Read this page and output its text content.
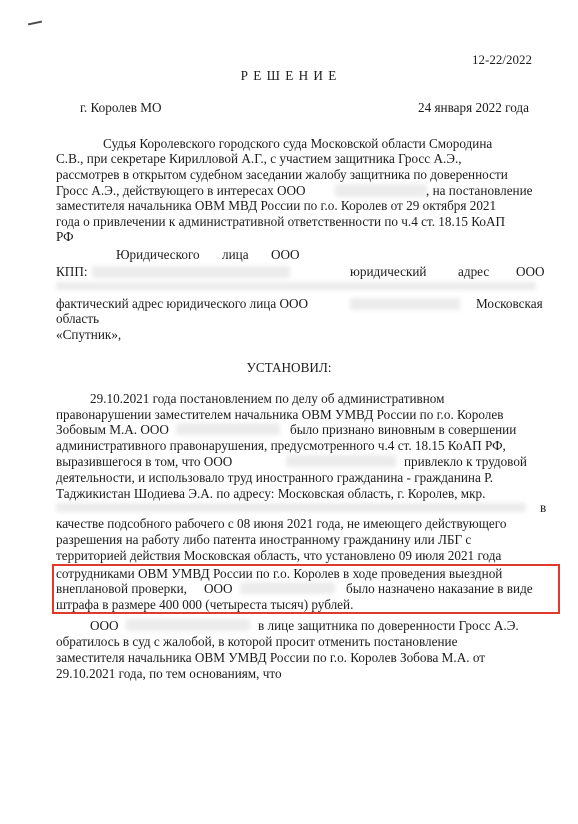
12-22/2022
Р Е Ш Е Н И Е
г. Королев МО	24 января 2022 года
Судья Королевского городского суда Московской области Смородина
С.В., при секретаре Кирилловой А.Г., с участием защитника Гросс А.Э.,
рассмотрев в открытом судебном заседании жалобу защитника по доверенности
Гросс А.Э., действующего в интересах ООО	, на постановление
заместителя начальника ОВМ МВД России по г.о. Королев от 29 октября 2021
года о привлечении к административной ответственности по ч.4 ст. 18.15 КоАП
РФ
Юридического лица ООО
КПП:	юридический адрес ООО
фактический адрес юридического лица ООО	Московская
область
«Спутник»,
УСТАНОВИЛ:
29.10.2021 года постановлением по делу об административном
правонарушении заместителем начальника ОВМ УМВД России по г.о. Королев
Зобовым М.А. ООО	было признано виновным в совершении
административного правонарушения, предусмотренного ч.4 ст. 18.15 КоАП РФ,
выразившегося в том, что ООО	привлекло к трудовой
деятельности, и использовало труд иностранного гражданина - гражданина Р.
Таджикистан Шодиева Э.А. по адресу: Московская область, г. Королев, мкр.
в
качестве подсобного рабочего с 08 июня 2021 года, не имеющего действующего
разрешения на работу либо патента иностранному гражданину или ЛБГ с
территорией действия Московская область, что установлено 09 июля 2021 года
сотрудниками ОВМ УМВД России по г.о. Королев в ходе проведения выездной
внеплановой проверки, ООО	было назначено наказание в виде
штрафа в размере 400 000 (четыреста тысяч) рублей.
ООО	в лице защитника по доверенности Гросс А.Э.
обратилось в суд с жалобой, в которой просит отменить постановление
заместителя начальника ОВМ УМВД России по г.о. Королев Зобова М.А. от
29.10.2021 года, по тем основаниям, что
